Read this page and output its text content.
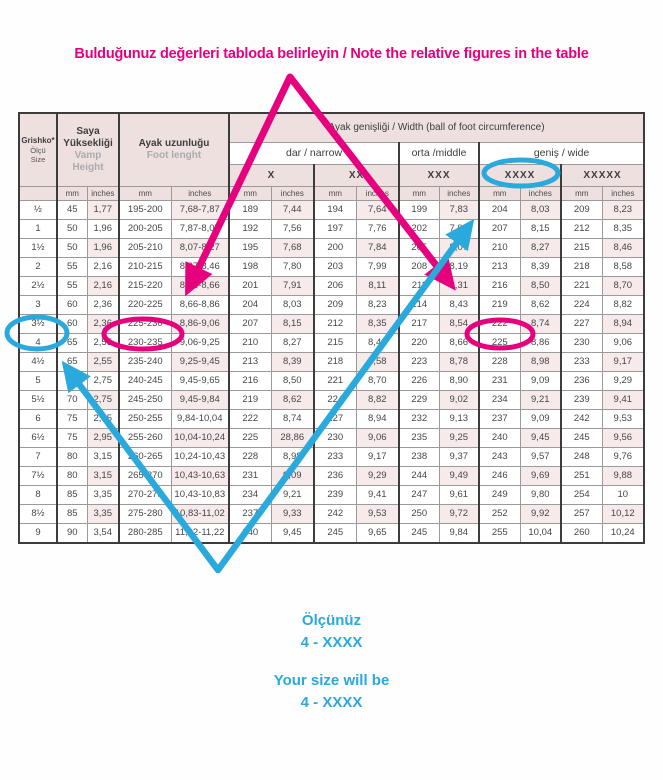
Bulduğunuz değerleri tabloda belirleyin / Note the relative figures in the table
Grishko*
Ölçü
Size	Saya Yüksekliği
Vamp Height		Ayak uzunluğu
Foot lenght		Ayak genişliği / Width (ball of foot circumference)									
					dar / narrow				orta /middle		geniş / wide			
					X		XX		XXX		XXXX		XXXXX	
	mm	inches	mm	inches	mm	inches	mm	inches	mm	inches	mm	inches	mm	inches
½	45	1,77	195-200	7,68-7,87	189	7,44	194	7,64	199	7,83	204	8,03	209	8,23
1	50	1,96	200-205	7,87-8,07	192	7,56	197	7,76	202	7,95	207	8,15	212	8,35
1½	50	1,96	205-210	8,07-8,27	195	7,68	200	7,84	205	8,07	210	8,27	215	8,46
2	55	2,16	210-215	8,27-8,46	198	7,80	203	7,99	208	8,19	213	8,39	218	8,58
2½	55	2,16	215-220	8,46-8,66	201	7,91	206	8,11	211	8,31	216	8,50	221	8,70
3	60	2,36	220-225	8,66-8,86	204	8,03	209	8,23	214	8,43	219	8,62	224	8,82
3½	60	2,36	225-230	8,86-9,06	207	8,15	212	8,35	217	8,54	222	8,74	227	8,94
4	65	2,55	230-235	9,06-9,25	210	8,27	215	8,46	220	8,66	225	8,86	230	9,06
4½	65	2,55	235-240	9,25-9,45	213	8,39	218	8,58	223	8,78	228	8,98	233	9,17
5	70	2,75	240-245	9,45-9,65	216	8,50	221	8,70	226	8,90	231	9,09	236	9,29
5½	70	2,75	245-250	9,45-9,84	219	8,62	224	8,82	229	9,02	234	9,21	239	9,41
6	75	2,95	250-255	9,84-10,04	222	8,74	227	8,94	232	9,13	237	9,09	242	9,53
6½	75	2,95	255-260	10,04-10,24	225	28,86	230	9,06	235	9,25	240	9,45	245	9,56
7	80	3,15	260-265	10,24-10,43	228	8,98	233	9,17	238	9,37	243	9,57	248	9,76
7½	80	3,15	265-270	10,43-10,63	231	9,09	236	9,29	244	9,49	246	9,69	251	9,88
8	85	3,35	270-275	10,43-10,83	234	9,21	239	9,41	247	9,61	249	9,80	254	10
8½	85	3,35	275-280	10,83-11,02	237	9,33	242	9,53	250	9,72	252	9,92	257	10,12
9	90	3,54	280-285	11,02-11,22	240	9,45	245	9,65	245	9,84	255	10,04	260	10,24
Ölçünüz
4 - XXXX
Your size will be
4 - XXXX
